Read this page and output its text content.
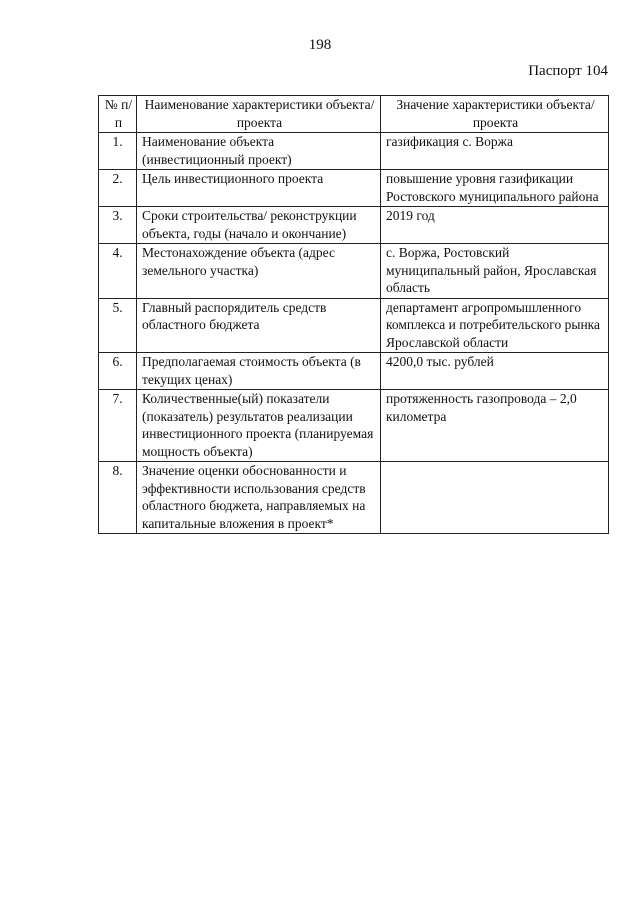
198
Паспорт 104
№ п/п	Наименование характеристики объекта/проекта	Значение характеристики объекта/проекта
1.	Наименование объекта (инвестиционный проект)	газификация с. Воржа
2.	Цель инвестиционного проекта	повышение уровня газификации Ростовского муниципального района
3.	Сроки строительства/ реконструкции объекта, годы (начало и окончание)	2019 год
4.	Местонахождение объекта (адрес земельного участка)	с. Воржа, Ростовский муниципальный район, Ярославская область
5.	Главный распорядитель средств областного бюджета	департамент агропромышленного комплекса и потребительского рынка Ярославской области
6.	Предполагаемая стоимость объекта (в текущих ценах)	4200,0 тыс. рублей
7.	Количественные(ый) показатели (показатель) результатов реализации инвестиционного проекта (планируемая мощность объекта)	протяженность газопровода – 2,0 километра
8.	Значение оценки обоснованности и эффективности использования средств областного бюджета, направляемых на капитальные вложения в проект*	
